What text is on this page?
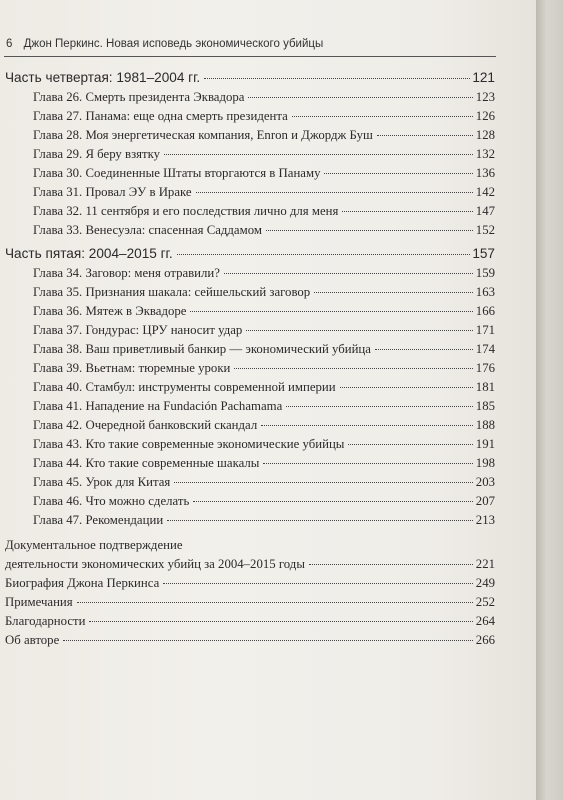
6 Джон Перкинс. Новая исповедь экономического убийцы
Часть четвертая: 1981–2004 гг.	121
Глава 26. Смерть президента Эквадора	123
Глава 27. Панама: еще одна смерть президента	126
Глава 28. Моя энергетическая компания, Enron и Джордж Буш	128
Глава 29. Я беру взятку	132
Глава 30. Соединенные Штаты вторгаются в Панаму	136
Глава 31. Провал ЭУ в Ираке	142
Глава 32. 11 сентября и его последствия лично для меня	147
Глава 33. Венесуэла: спасенная Саддамом	152
Часть пятая: 2004–2015 гг.	157
Глава 34. Заговор: меня отравили?	159
Глава 35. Признания шакала: сейшельский заговор	163
Глава 36. Мятеж в Эквадоре	166
Глава 37. Гондурас: ЦРУ наносит удар	171
Глава 38. Ваш приветливый банкир — экономический убийца	174
Глава 39. Вьетнам: тюремные уроки	176
Глава 40. Стамбул: инструменты современной империи	181
Глава 41. Нападение на Fundación Pachamama	185
Глава 42. Очередной банковский скандал	188
Глава 43. Кто такие современные экономические убийцы	191
Глава 44. Кто такие современные шакалы	198
Глава 45. Урок для Китая	203
Глава 46. Что можно сделать	207
Глава 47. Рекомендации	213
Документальное подтверждение
деятельности экономических убийц за 2004–2015 годы	221
Биография Джона Перкинса	249
Примечания	252
Благодарности	264
Об авторе	266
